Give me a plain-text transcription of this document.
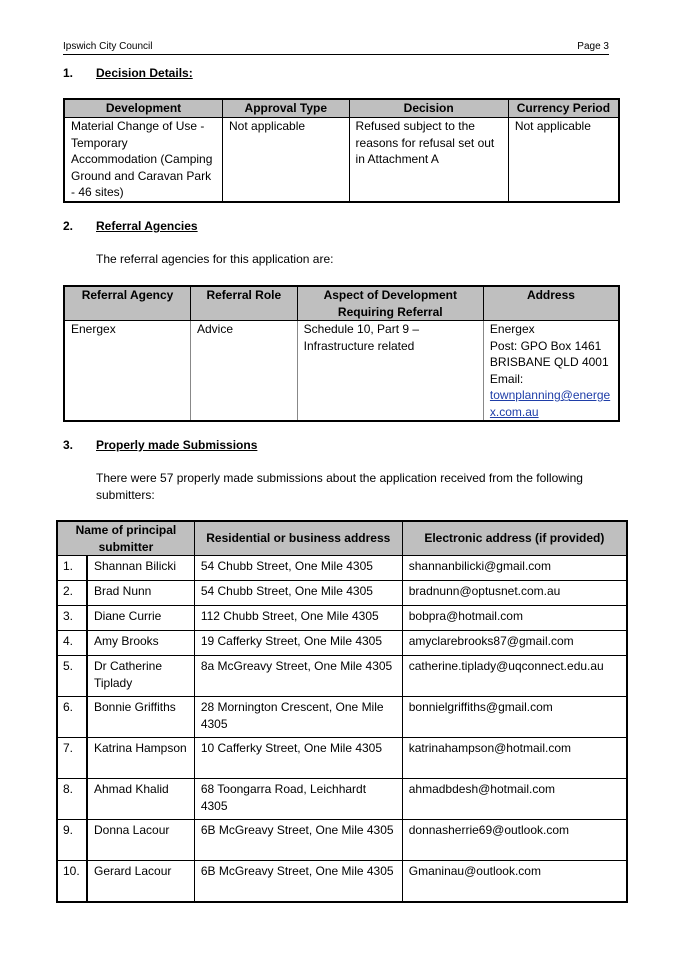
Ipswich City Council	Page 3
1. Decision Details:
Development	Approval Type	Decision	Currency Period
Material Change of Use - Temporary Accommodation (Camping Ground and Caravan Park - 46 sites)	Not applicable	Refused subject to the reasons for refusal set out in Attachment A	Not applicable
2. Referral Agencies
The referral agencies for this application are:
Referral Agency	Referral Role	Aspect of Development Requiring Referral	Address
Energex	Advice	Schedule 10, Part 9 – Infrastructure related	Energex
Post: GPO Box 1461
BRISBANE QLD 4001
Email:
townplanning@energex.com.au
3. Properly made Submissions
There were 57 properly made submissions about the application received from the following submitters:
Name of principal submitter		Residential or business address	Electronic address (if provided)
1.	Shannan Bilicki	54 Chubb Street, One Mile 4305	shannanbilicki@gmail.com
2.	Brad Nunn	54 Chubb Street, One Mile 4305	bradnunn@optusnet.com.au
3.	Diane Currie	112 Chubb Street, One Mile 4305	bobpra@hotmail.com
4.	Amy Brooks	19 Cafferky Street, One Mile 4305	amyclarebrooks87@gmail.com
5.	Dr Catherine Tiplady	8a McGreavy Street, One Mile 4305	catherine.tiplady@uqconnect.edu.au
6.	Bonnie Griffiths	28 Mornington Crescent, One Mile 4305	bonnielgriffiths@gmail.com
7.	Katrina Hampson	10 Cafferky Street, One Mile 4305	katrinahampson@hotmail.com
8.	Ahmad Khalid	68 Toongarra Road, Leichhardt 4305	ahmadbdesh@hotmail.com
9.	Donna Lacour	6B McGreavy Street, One Mile 4305	donnasherrie69@outlook.com
10.	Gerard Lacour	6B McGreavy Street, One Mile 4305	Gmaninau@outlook.com
